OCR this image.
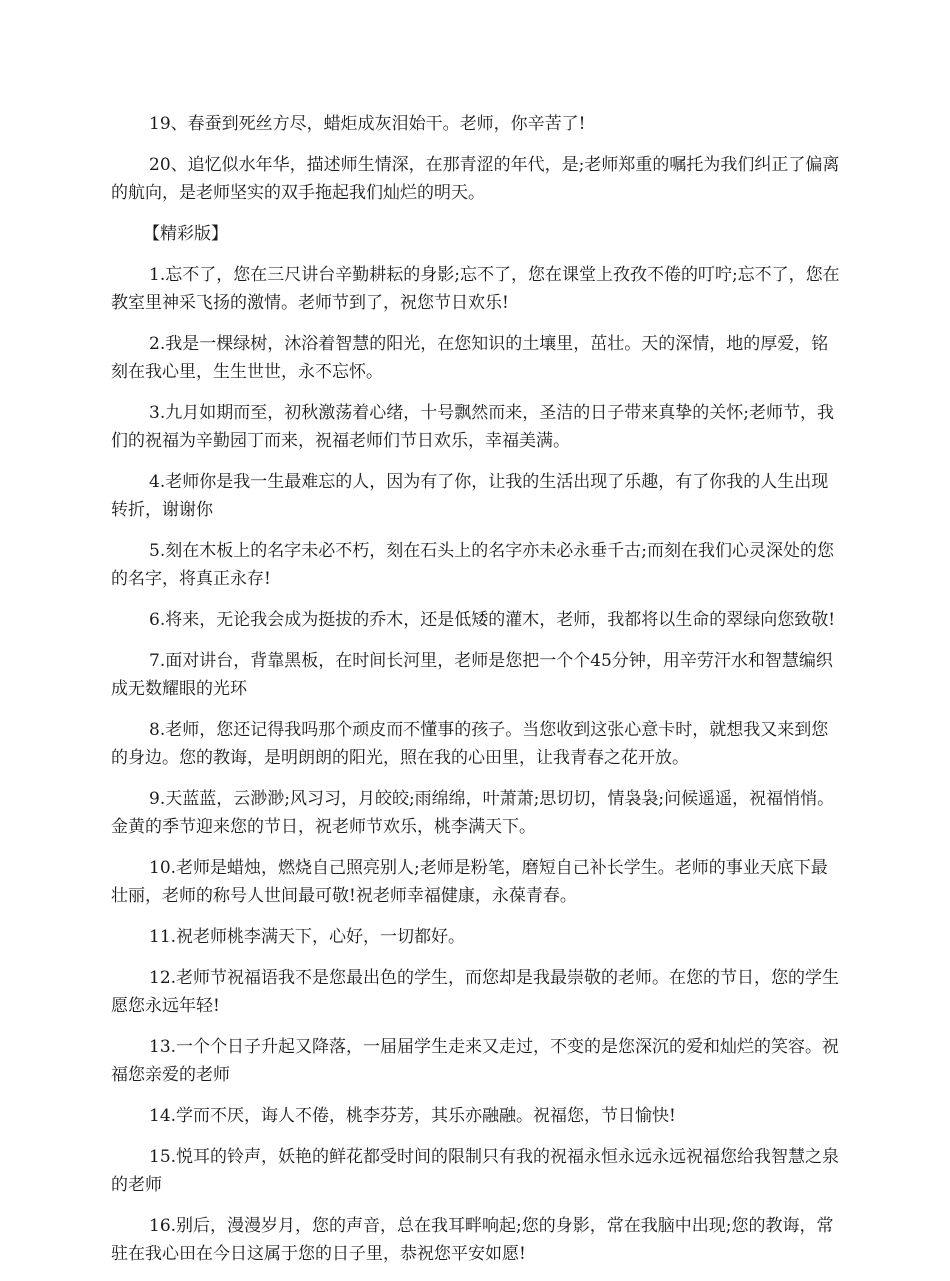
19、春蚕到死丝方尽，蜡炬成灰泪始干。老师，你辛苦了!

20、追忆似水年华，描述师生情深，在那青涩的年代，是;老师郑重的嘱托为我们纠正了偏离的航向，是老师坚实的双手拖起我们灿烂的明天。

【精彩版】

1.忘不了，您在三尺讲台辛勤耕耘的身影;忘不了，您在课堂上孜孜不倦的叮咛;忘不了，您在教室里神采飞扬的激情。老师节到了，祝您节日欢乐!

2.我是一棵绿树，沐浴着智慧的阳光，在您知识的土壤里，茁壮。天的深情，地的厚爱，铭刻在我心里，生生世世，永不忘怀。

3.九月如期而至，初秋激荡着心绪，十号飘然而来，圣洁的日子带来真挚的关怀;老师节，我们的祝福为辛勤园丁而来，祝福老师们节日欢乐，幸福美满。

4.老师你是我一生最难忘的人，因为有了你，让我的生活出现了乐趣，有了你我的人生出现转折，谢谢你

5.刻在木板上的名字未必不朽，刻在石头上的名字亦未必永垂千古;而刻在我们心灵深处的您的名字，将真正永存!

6.将来，无论我会成为挺拔的乔木，还是低矮的灌木，老师，我都将以生命的翠绿向您致敬!

7.面对讲台，背靠黑板，在时间长河里，老师是您把一个个45分钟，用辛劳汗水和智慧编织成无数耀眼的光环

8.老师，您还记得我吗那个顽皮而不懂事的孩子。当您收到这张心意卡时，就想我又来到您的身边。您的教诲，是明朗朗的阳光，照在我的心田里，让我青春之花开放。

9.天蓝蓝，云渺渺;风习习，月皎皎;雨绵绵，叶萧萧;思切切，情袅袅;问候遥遥，祝福悄悄。金黄的季节迎来您的节日，祝老师节欢乐，桃李满天下。

10.老师是蜡烛，燃烧自己照亮别人;老师是粉笔，磨短自己补长学生。老师的事业天底下最壮丽，老师的称号人世间最可敬!祝老师幸福健康，永葆青春。

11.祝老师桃李满天下，心好，一切都好。

12.老师节祝福语我不是您最出色的学生，而您却是我最崇敬的老师。在您的节日，您的学生愿您永远年轻!

13.一个个日子升起又降落，一届届学生走来又走过，不变的是您深沉的爱和灿烂的笑容。祝福您亲爱的老师

14.学而不厌，诲人不倦，桃李芬芳，其乐亦融融。祝福您，节日愉快!

15.悦耳的铃声，妖艳的鲜花都受时间的限制只有我的祝福永恒永远永远祝福您给我智慧之泉的老师

16.别后，漫漫岁月，您的声音，总在我耳畔响起;您的身影，常在我脑中出现;您的教诲，常驻在我心田在今日这属于您的日子里，恭祝您平安如愿!
